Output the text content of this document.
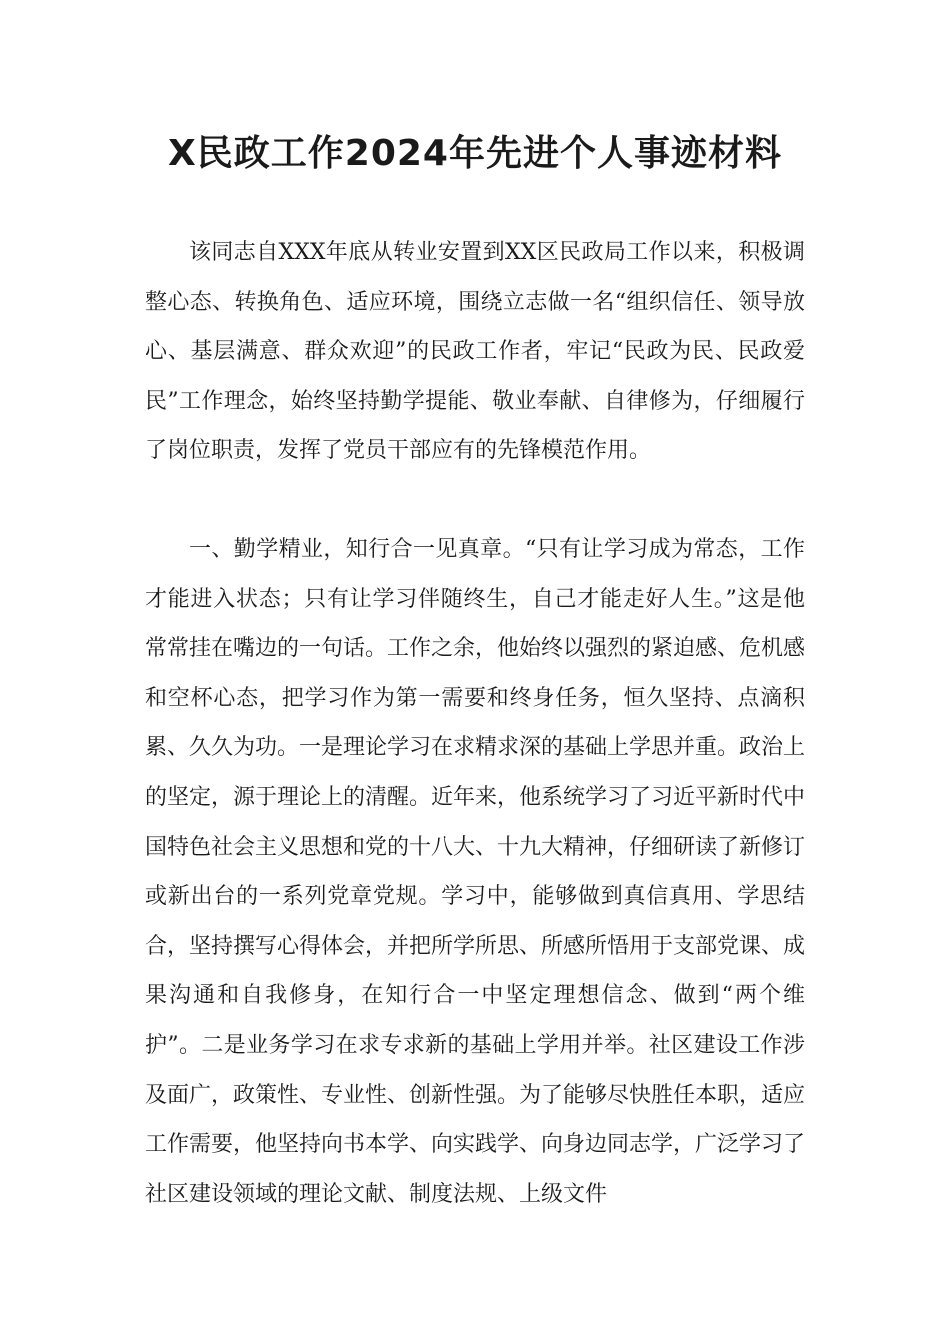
X民政工作2024年先进个人事迹材料

该同志自XXX年底从转业安置到XX区民政局工作以来，积极调整心态、转换角色、适应环境，围绕立志做一名“组织信任、领导放心、基层满意、群众欢迎”的民政工作者，牢记“民政为民、民政爱民”工作理念，始终坚持勤学提能、敬业奉献、自律修为，仔细履行了岗位职责，发挥了党员干部应有的先锋模范作用。

一、勤学精业，知行合一见真章。“只有让学习成为常态，工作才能进入状态；只有让学习伴随终生，自己才能走好人生。”这是他常常挂在嘴边的一句话。工作之余，他始终以强烈的紧迫感、危机感和空杯心态，把学习作为第一需要和终身任务，恒久坚持、点滴积累、久久为功。一是理论学习在求精求深的基础上学思并重。政治上的坚定，源于理论上的清醒。近年来，他系统学习了习近平新时代中国特色社会主义思想和党的十八大、十九大精神，仔细研读了新修订或新出台的一系列党章党规。学习中，能够做到真信真用、学思结合，坚持撰写心得体会，并把所学所思、所感所悟用于支部党课、成果沟通和自我修身，在知行合一中坚定理想信念、做到“两个维护”。二是业务学习在求专求新的基础上学用并举。社区建设工作涉及面广，政策性、专业性、创新性强。为了能够尽快胜任本职，适应工作需要，他坚持向书本学、向实践学、向身边同志学，广泛学习了社区建设领域的理论文献、制度法规、上级文件
